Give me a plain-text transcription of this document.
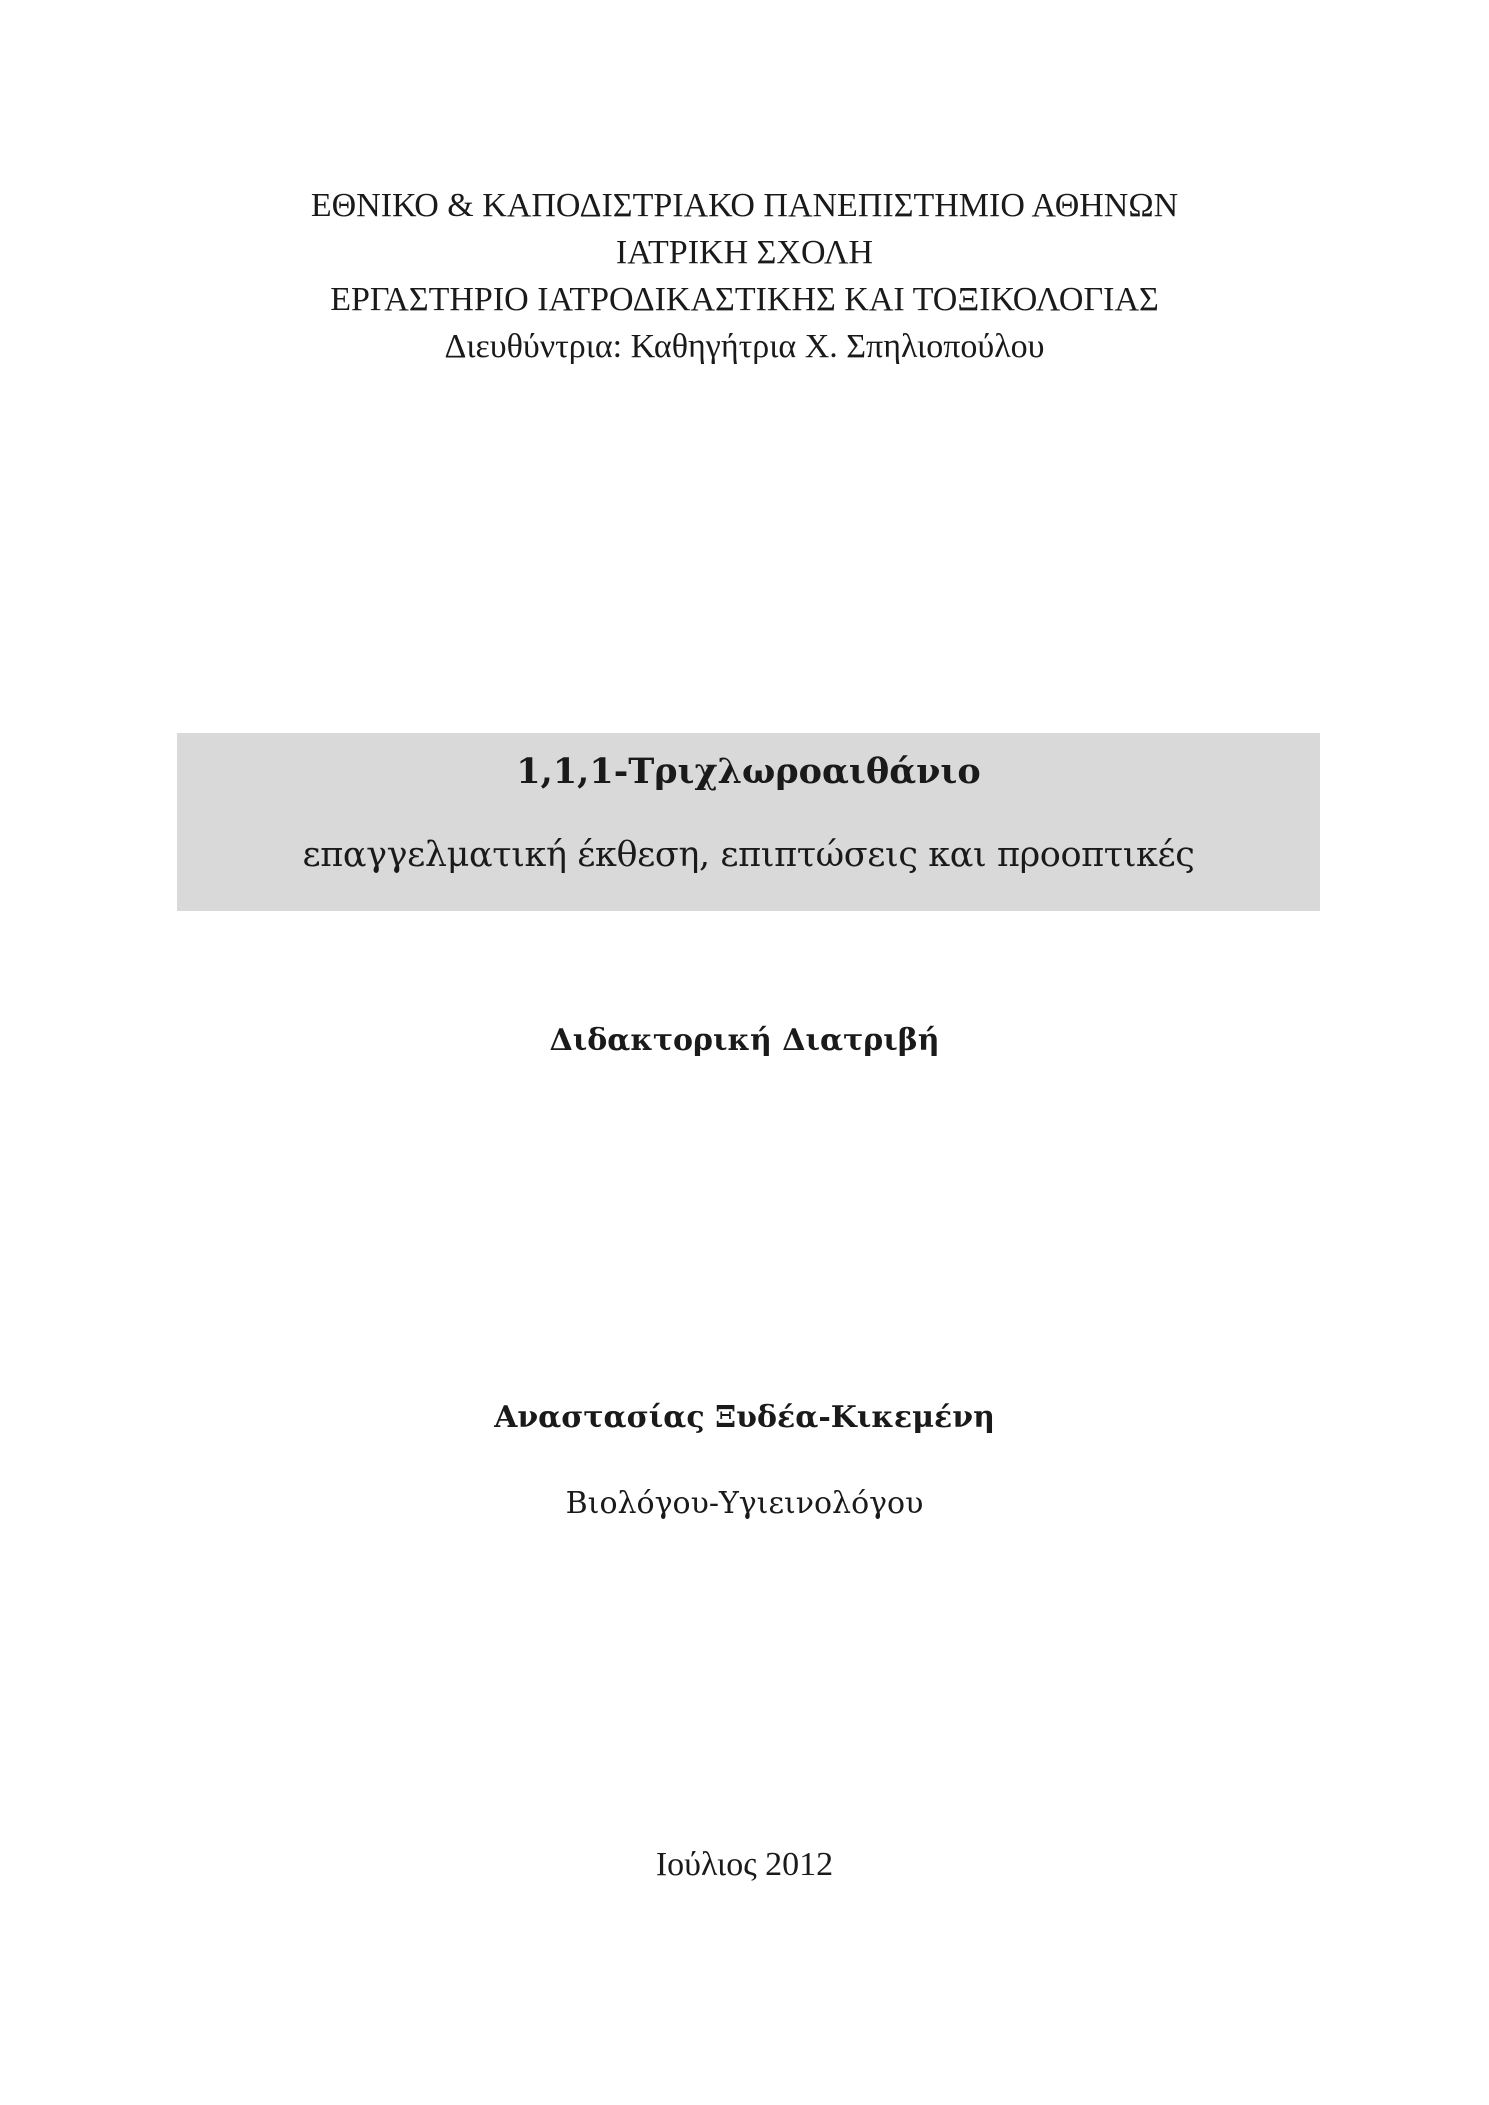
ΕΘΝΙΚΟ & ΚΑΠΟΔΙΣΤΡΙΑΚΟ ΠΑΝΕΠΙΣΤΗΜΙΟ ΑΘΗΝΩΝ
ΙΑΤΡΙΚΗ ΣΧΟΛΗ
ΕΡΓΑΣΤΗΡΙΟ ΙΑΤΡΟΔΙΚΑΣΤΙΚΗΣ ΚΑΙ ΤΟΞΙΚΟΛΟΓΙΑΣ
Διευθύντρια: Καθηγήτρια Χ. Σπηλιοπούλου
1,1,1-Τριχλωροαιθάνιο
επαγγελματική έκθεση, επιπτώσεις και προοπτικές
Διδακτορική Διατριβή
Αναστασίας Ξυδέα-Κικεμένη
Βιολόγου-Υγιεινολόγου
Ιούλιος 2012
